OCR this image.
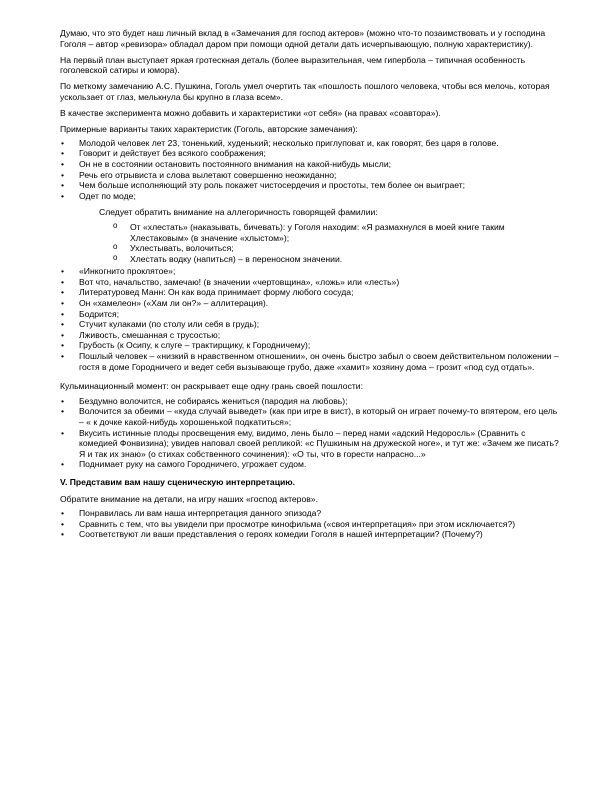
Думаю, что это будет наш личный вклад в «Замечания для господ актеров» (можно что-то позаимствовать и у господина Гоголя – автор «ревизора» обладал даром при помощи одной детали дать исчерпывающую, полную характеристику).

На первый план выступает яркая гротескная деталь (более выразительная, чем гипербола – типичная особенность гоголевской сатиры и юмора).

По меткому замечанию А.С. Пушкина, Гоголь умел очертить так «пошлость пошлого человека, чтобы вся мелочь, которая ускользает от глаз, мелькнула бы крупно в глаза всем».

В качестве эксперимента можно добавить и характеристики «от себя» (на правах «соавтора»).

Примерные варианты таких характеристик (Гоголь, авторские замечания):

• Молодой человек лет 23, тоненький, худенький; несколько приглуповат и, как говорят, без царя в голове.
• Говорит и действует без всякого соображения;
• Он не в состоянии остановить постоянного внимания на какой-нибудь мысли;
• Речь его отрывиста и слова вылетают совершенно неожиданно;
• Чем больше исполняющий эту роль покажет чистосердечия и простоты, тем более он выиграет;
• Одет по моде;
Следует обратить внимание на аллегоричность говорящей фамилии:
o От «хлестать» (наказывать, бичевать): у Гоголя находим: «Я размахнулся в моей книге таким Хлестаковым» (в значение «хлыстом»);
o Ухлестывать, волочиться;
o Хлестать водку (напиться) – в переносном значении.
• «Инкогнито проклятое»;
• Вот что, начальство, замечаю! (в значении «чертовщина», «ложь» или «лесть»)
• Литературовед Манн: Он как вода принимает форму любого сосуда;
• Он «хамелеон» («Хам ли он?» – аллитерация).
• Бодрится;
• Стучит кулаками (по столу или себя в грудь);
• Лживость, смешанная с трусостью;
• Грубость (к Осипу, к слуге – трактирщику, к Городничему);
• Пошлый человек – «низкий в нравственном отношении», он очень быстро забыл о своем действительном положении – гостя в доме Городничего и ведет себя вызывающе грубо, даже «хамит» хозяину дома – грозит «под суд отдать».

Кульминационный момент: он раскрывает еще одну грань своей пошлости:

• Бездумно волочится, не собираясь жениться (пародия на любовь);
• Волочится за обеими – «куда случай выведет» (как при игре в вист), в который он играет почему-то впятером, его цель – « к дочке какой-нибудь хорошенькой подкатиться»;
• Вкусить истинные плоды просвещения ему, видимо, лень было – перед нами «адский Недоросль» (Сравнить с комедией Фонвизина); увидев наповал своей репликой: «с Пушкиным на дружеской ноге», и тут же: «Зачем же писать? Я и так их знаю» (о стихах собственного сочинения): «О ты, что в горести напрасно...»
• Поднимает руку на самого Городничего, угрожает судом.

V. Представим вам нашу сценическую интерпретацию.

Обратите внимание на детали, на игру наших «господ актеров».

• Понравилась ли вам наша интерпретация данного эпизода?
• Сравнить с тем, что вы увидели при просмотре кинофильма («своя интерпретация» при этом исключается?)
• Соответствуют ли ваши представления о героях комедии Гоголя в нашей интерпретации? (Почему?)
